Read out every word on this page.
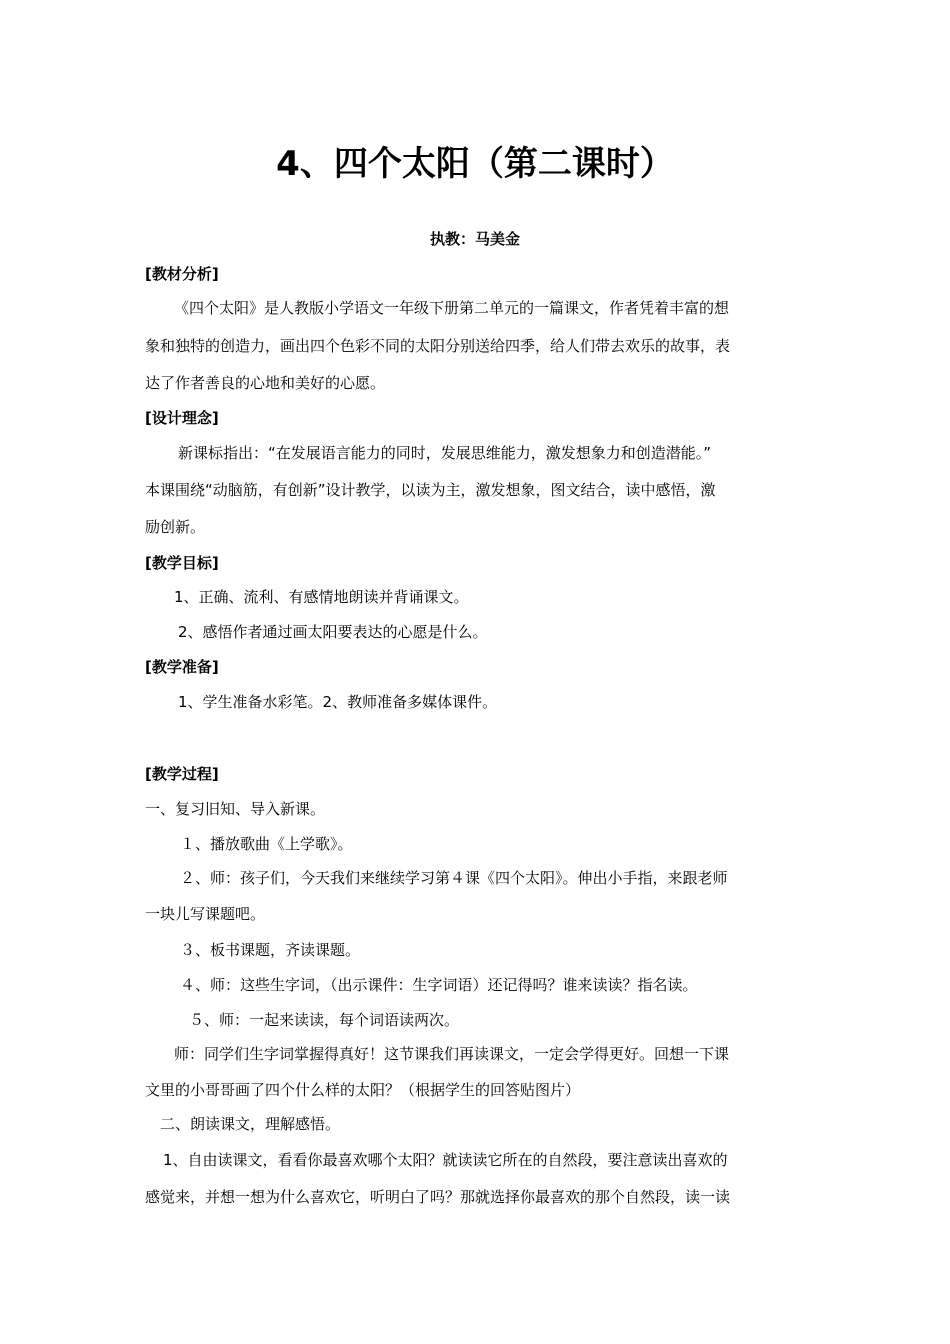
4、四个太阳（第二课时）
执教：马美金
[教材分析]
《四个太阳》是人教版小学语文一年级下册第二单元的一篇课文，作者凭着丰富的想
象和独特的创造力，画出四个色彩不同的太阳分别送给四季，给人们带去欢乐的故事，表
达了作者善良的心地和美好的心愿。
[设计理念]
新课标指出：“在发展语言能力的同时，发展思维能力，激发想象力和创造潜能。”
本课围绕“动脑筋，有创新”设计教学，以读为主，激发想象，图文结合，读中感悟，激
励创新。
[教学目标]
1、正确、流利、有感情地朗读并背诵课文。
2、感悟作者通过画太阳要表达的心愿是什么。
[教学准备]
1、学生准备水彩笔。2、教师准备多媒体课件。
[教学过程]
一、复习旧知、导入新课。
１、播放歌曲《上学歌》。
２、师：孩子们，今天我们来继续学习第４课《四个太阳》。伸出小手指，来跟老师
一块儿写课题吧。
３、板书课题，齐读课题。
４、师：这些生字词，（出示课件：生字词语）还记得吗？谁来读读？指名读。
５、师：一起来读读，每个词语读两次。
师：同学们生字词掌握得真好！这节课我们再读课文，一定会学得更好。回想一下课
文里的小哥哥画了四个什么样的太阳？（根据学生的回答贴图片）
二、朗读课文，理解感悟。
1、自由读课文，看看你最喜欢哪个太阳？就读读它所在的自然段，要注意读出喜欢的
感觉来，并想一想为什么喜欢它，听明白了吗？那就选择你最喜欢的那个自然段，读一读
